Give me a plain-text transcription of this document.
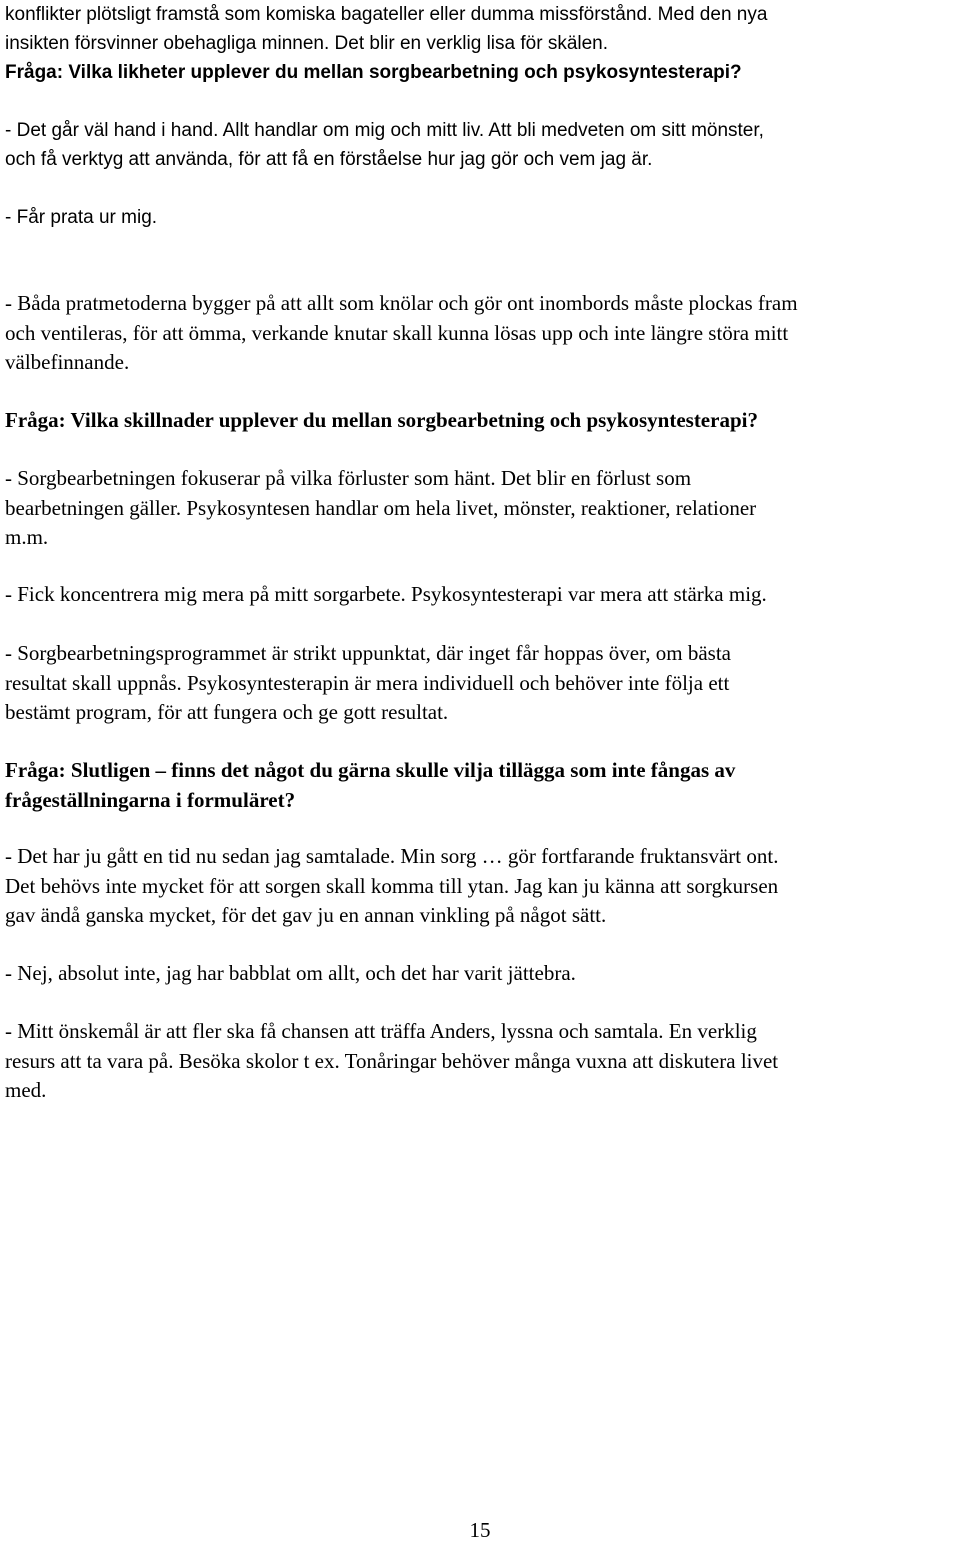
konflikter plötsligt framstå som komiska bagateller eller dumma missförstånd. Med den nya
insikten försvinner obehagliga minnen. Det blir en verklig lisa för skälen.

Fråga: Vilka likheter upplever du mellan sorgbearbetning och psykosyntesterapi?

- Det går väl hand i hand. Allt handlar om mig och mitt liv. Att bli medveten om sitt mönster,
och få verktyg att använda, för att få en förståelse hur jag gör och vem jag är.

- Får prata ur mig.

- Båda pratmetoderna bygger på att allt som knölar och gör ont inombords måste plockas fram
och ventileras, för att ömma, verkande knutar skall kunna lösas upp och inte längre störa mitt
välbefinnande.

Fråga: Vilka skillnader upplever du mellan sorgbearbetning och psykosyntesterapi?

- Sorgbearbetningen fokuserar på vilka förluster som hänt. Det blir en förlust som
bearbetningen gäller. Psykosyntesen handlar om hela livet, mönster, reaktioner, relationer
m.m.

- Fick koncentrera mig mera på mitt sorgarbete. Psykosyntesterapi var mera att stärka mig.

- Sorgbearbetningsprogrammet är strikt uppunktat, där inget får hoppas över, om bästa
resultat skall uppnås. Psykosyntesterapin är mera individuell och behöver inte följa ett
bestämt program, för att fungera och ge gott resultat.

Fråga: Slutligen – finns det något du gärna skulle vilja tillägga som inte fångas av
frågeställningarna i formuläret?

- Det har ju gått en tid nu sedan jag samtalade. Min sorg … gör fortfarande fruktansvärt ont.
Det behövs inte mycket för att sorgen skall komma till ytan. Jag kan ju känna att sorgkursen
gav ändå ganska mycket, för det gav ju en annan vinkling på något sätt.

- Nej, absolut inte, jag har babblat om allt, och det har varit jättebra.

- Mitt önskemål är att fler ska få chansen att träffa Anders, lyssna och samtala. En verklig
resurs att ta vara på. Besöka skolor t ex. Tonåringar behöver många vuxna att diskutera livet
med.

15
